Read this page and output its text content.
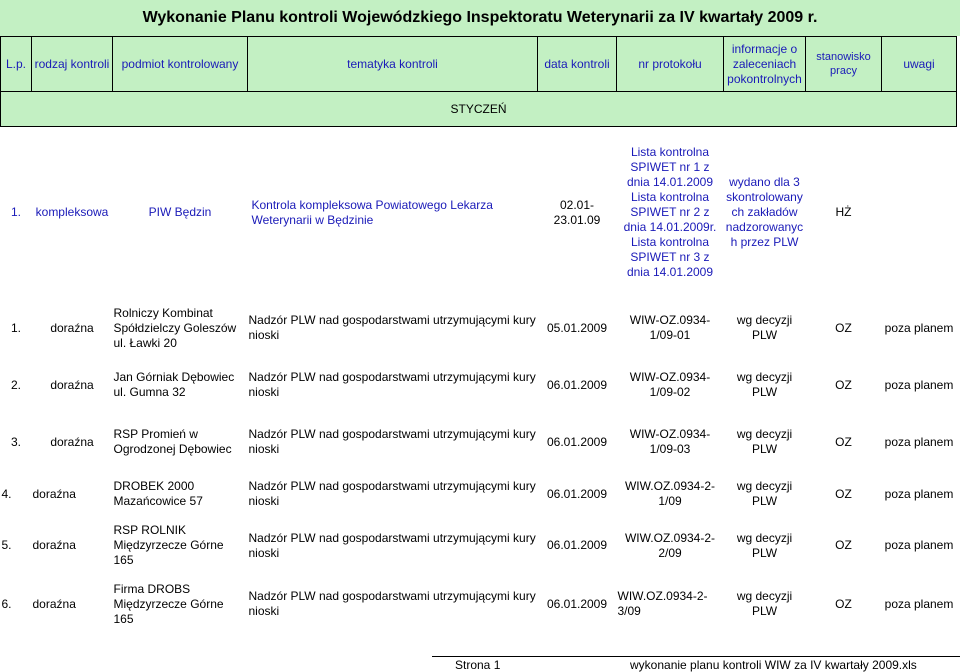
Wykonanie Planu kontroli Wojewódzkiego Inspektoratu Weterynarii za IV kwartały 2009 r.
L.p.	rodzaj kontroli	podmiot kontrolowany	tematyka kontroli	data kontroli	nr protokołu	informacje o zaleceniach pokontrolnych	stanowisko pracy	uwagi
STYCZEŃ								
1.	kompleksowa	PIW Będzin	Kontrola kompleksowa Powiatowego Lekarza Weterynarii w Będzinie	02.01-23.01.09	Lista kontrolna SPIWET nr 1 z dnia 14.01.2009 Lista kontrolna SPIWET nr 2 z dnia 14.01.2009r. Lista kontrolna SPIWET nr 3 z dnia 14.01.2009	wydano dla 3 skontrolowany ch zakładów nadzorowanyc h przez PLW	HŻ	
1.	doraźna	Rolniczy Kombinat Spółdzielczy Goleszów ul. Ławki 20	Nadzór PLW nad gospodarstwami utrzymującymi kury nioski	05.01.2009	WIW-OZ.0934-1/09-01	wg decyzji PLW	OZ	poza planem
2.	doraźna	Jan Górniak Dębowiec ul. Gumna 32	Nadzór PLW nad gospodarstwami utrzymującymi kury nioski	06.01.2009	WIW-OZ.0934-1/09-02	wg decyzji PLW	OZ	poza planem
3.	doraźna	RSP Promień w Ogrodzonej Dębowiec	Nadzór PLW nad gospodarstwami utrzymującymi kury nioski	06.01.2009	WIW-OZ.0934-1/09-03	wg decyzji PLW	OZ	poza planem
4.	doraźna	DROBEK 2000 Mazańcowice 57	Nadzór PLW nad gospodarstwami utrzymującymi kury nioski	06.01.2009	WIW.OZ.0934-2-1/09	wg decyzji PLW	OZ	poza planem
5.	doraźna	RSP ROLNIK Międzyrzecze Górne 165	Nadzór PLW nad gospodarstwami utrzymującymi kury nioski	06.01.2009	WIW.OZ.0934-2-2/09	wg decyzji PLW	OZ	poza planem
6.	doraźna	Firma DROBS Międzyrzecze Górne 165	Nadzór PLW nad gospodarstwami utrzymującymi kury nioski	06.01.2009	WIW.OZ.0934-2-3/09	wg decyzji PLW	OZ	poza planem
Strona 1	wykonanie planu kontroli WIW za IV kwartały 2009.xls
